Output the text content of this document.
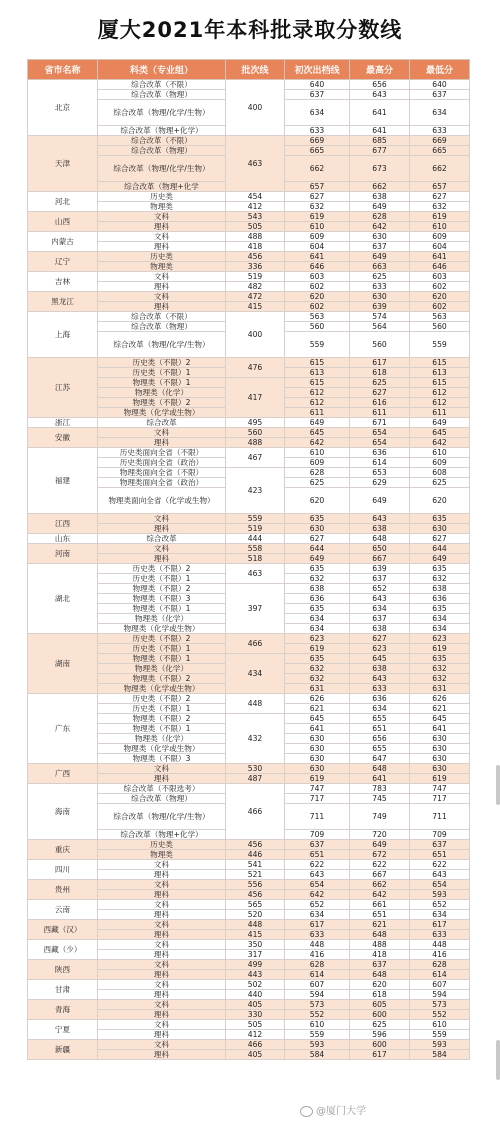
厦大2021年本科批录取分数线
省市名称	科类（专业组）	批次线	初次出档线	最高分	最低分
北京	综合改革（不限）	400	640	656	640
	综合改革（物理）		637	643	637
	综合改革（物理/化学/生物）		634	641	634
	综合改革（物理+化学）		633	641	633
天津	综合改革（不限）	463	669	685	669
	综合改革（物理）		665	677	665
	综合改革（物理/化学/生物）		662	673	662
	综合改革（物理+化学		657	662	657
河北	历史类	454	627	638	627
	物理类	412	632	649	632
山西	文科	543	619	628	619
	理科	505	610	642	610
内蒙古	文科	488	609	630	609
	理科	418	604	637	604
辽宁	历史类	456	641	649	641
	物理类	336	646	663	646
吉林	文科	519	603	625	603
	理科	482	602	633	602
黑龙江	文科	472	620	630	620
	理科	415	602	639	602
上海	综合改革（不限）	400	563	574	563
	综合改革（物理）		560	564	560
	综合改革（物理/化学/生物）		559	560	559
江苏	历史类（不限）2	476	615	617	615
	历史类（不限）1		613	618	613
	物理类（不限）1	417	615	625	615
	物理类（化学）		612	627	612
	物理类（不限）2		612	616	612
	物理类（化学或生物）		611	611	611
浙江	综合改革	495	649	671	649
安徽	文科	560	645	654	645
	理科	488	642	654	642
福建	历史类面向全省（不限）	467	610	636	610
	历史类面向全省（政治）		609	614	609
	物理类面向全省（不限）	423	628	653	608
	物理类面向全省（政治）		625	629	625
	物理类面向全省（化学或生物）		620	649	620
江西	文科	559	635	643	635
	理科	519	630	638	630
山东	综合改革	444	627	648	627
河南	文科	558	644	650	644
	理科	518	649	667	649
湖北	历史类（不限）2	463	635	639	635
	历史类（不限）1		632	637	632
	物理类（不限）2	397	638	652	638
	物理类（不限）3		636	643	636
	物理类（不限）1		635	634	635
	物理类（化学）		634	637	634
	物理类（化学或生物）		634	638	634
湖南	历史类（不限）2	466	623	627	623
	历史类（不限）1		619	623	619
	物理类（不限）1	434	635	645	635
	物理类（化学）		632	638	632
	物理类（不限）2		632	643	632
	物理类（化学或生物）		631	633	631
广东	历史类（不限）2	448	626	636	626
	历史类（不限）1		621	634	621
	物理类（不限）2	432	645	655	645
	物理类（不限）1		641	651	641
	物理类（化学）		630	656	630
	物理类（化学或生物）		630	655	630
	物理类（不限）3		630	647	630
广西	文科	530	630	648	630
	理科	487	619	641	619
海南	综合改革（不限选考）	466	747	783	747
	综合改革（物理）		717	745	717
	综合改革（物理/化学/生物）		711	749	711
	综合改革（物理+化学）		709	720	709
重庆	历史类	456	637	649	637
	物理类	446	651	672	651
四川	文科	541	622	622	622
	理科	521	643	667	643
贵州	文科	556	654	662	654
	理科	456	642	642	593
云南	文科	565	652	661	652
	理科	520	634	651	634
西藏（汉）	文科	448	617	621	617
	理科	415	633	648	633
西藏（少）	文科	350	448	488	448
	理科	317	416	418	416
陕西	文科	499	628	637	628
	理科	443	614	648	614
甘肃	文科	502	607	620	607
	理科	440	594	618	594
青海	文科	405	573	605	573
	理科	330	552	600	552
宁夏	文科	505	610	625	610
	理科	412	559	596	559
新疆	文科	466	593	600	593
	理科	405	584	617	584
@厦门大学
